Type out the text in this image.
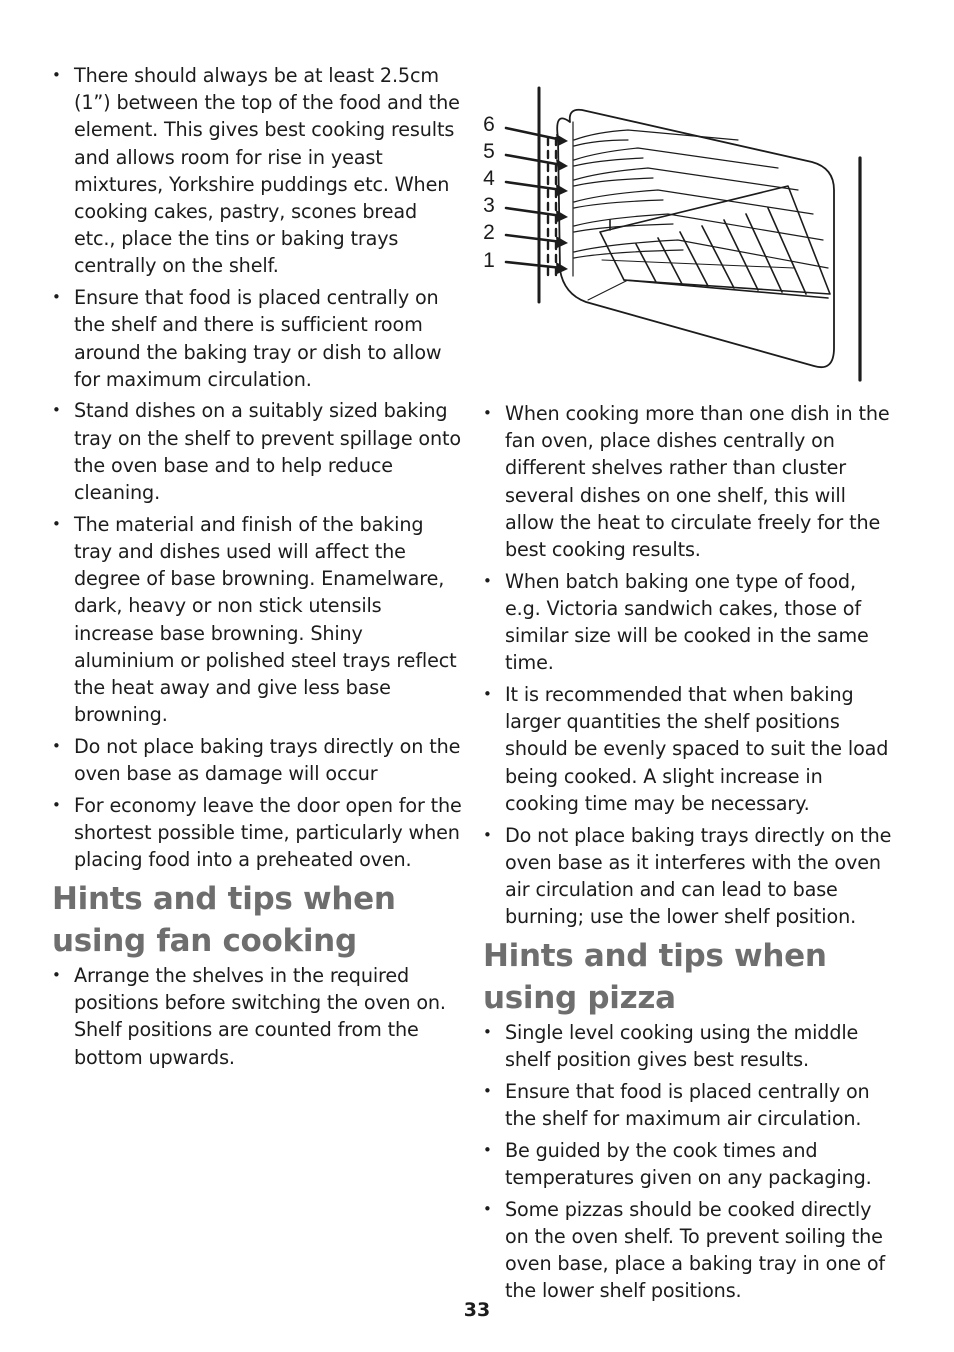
• There should always be at least 2.5cm (1”) between the top of the food and the element. This gives best cooking results and allows room for rise in yeast mixtures, Yorkshire puddings etc. When cooking cakes, pastry, scones bread etc., place the tins or baking trays centrally on the shelf.
• Ensure that food is placed centrally on the shelf and there is sufficient room around the baking tray or dish to allow for maximum circulation.
• Stand dishes on a suitably sized baking tray on the shelf to prevent spillage onto the oven base and to help reduce cleaning.
• The material and finish of the baking tray and dishes used will affect the degree of base browning. Enamelware, dark, heavy or non stick utensils increase base browning. Shiny aluminium or polished steel trays reflect the heat away and give less base browning.
• Do not place baking trays directly on the oven base as damage will occur
• For economy leave the door open for the shortest possible time, particularly when placing food into a preheated oven.
Hints and tips when using fan cooking
• Arrange the shelves in the required positions before switching the oven on. Shelf positions are counted from the bottom upwards.
6
5
4
3
2
1
• When cooking more than one dish in the fan oven, place dishes centrally on different shelves rather than cluster several dishes on one shelf, this will allow the heat to circulate freely for the best cooking results.
• When batch baking one type of food, e.g. Victoria sandwich cakes, those of similar size will be cooked in the same time.
• It is recommended that when baking larger quantities the shelf positions should be evenly spaced to suit the load being cooked. A slight increase in cooking time may be necessary.
• Do not place baking trays directly on the oven base as it interferes with the oven air circulation and can lead to base burning; use the lower shelf position.
Hints and tips when using pizza
• Single level cooking using the middle shelf position gives best results.
• Ensure that food is placed centrally on the shelf for maximum air circulation.
• Be guided by the cook times and temperatures given on any packaging.
• Some pizzas should be cooked directly on the oven shelf. To prevent soiling the oven base, place a baking tray in one of the lower shelf positions.
33
